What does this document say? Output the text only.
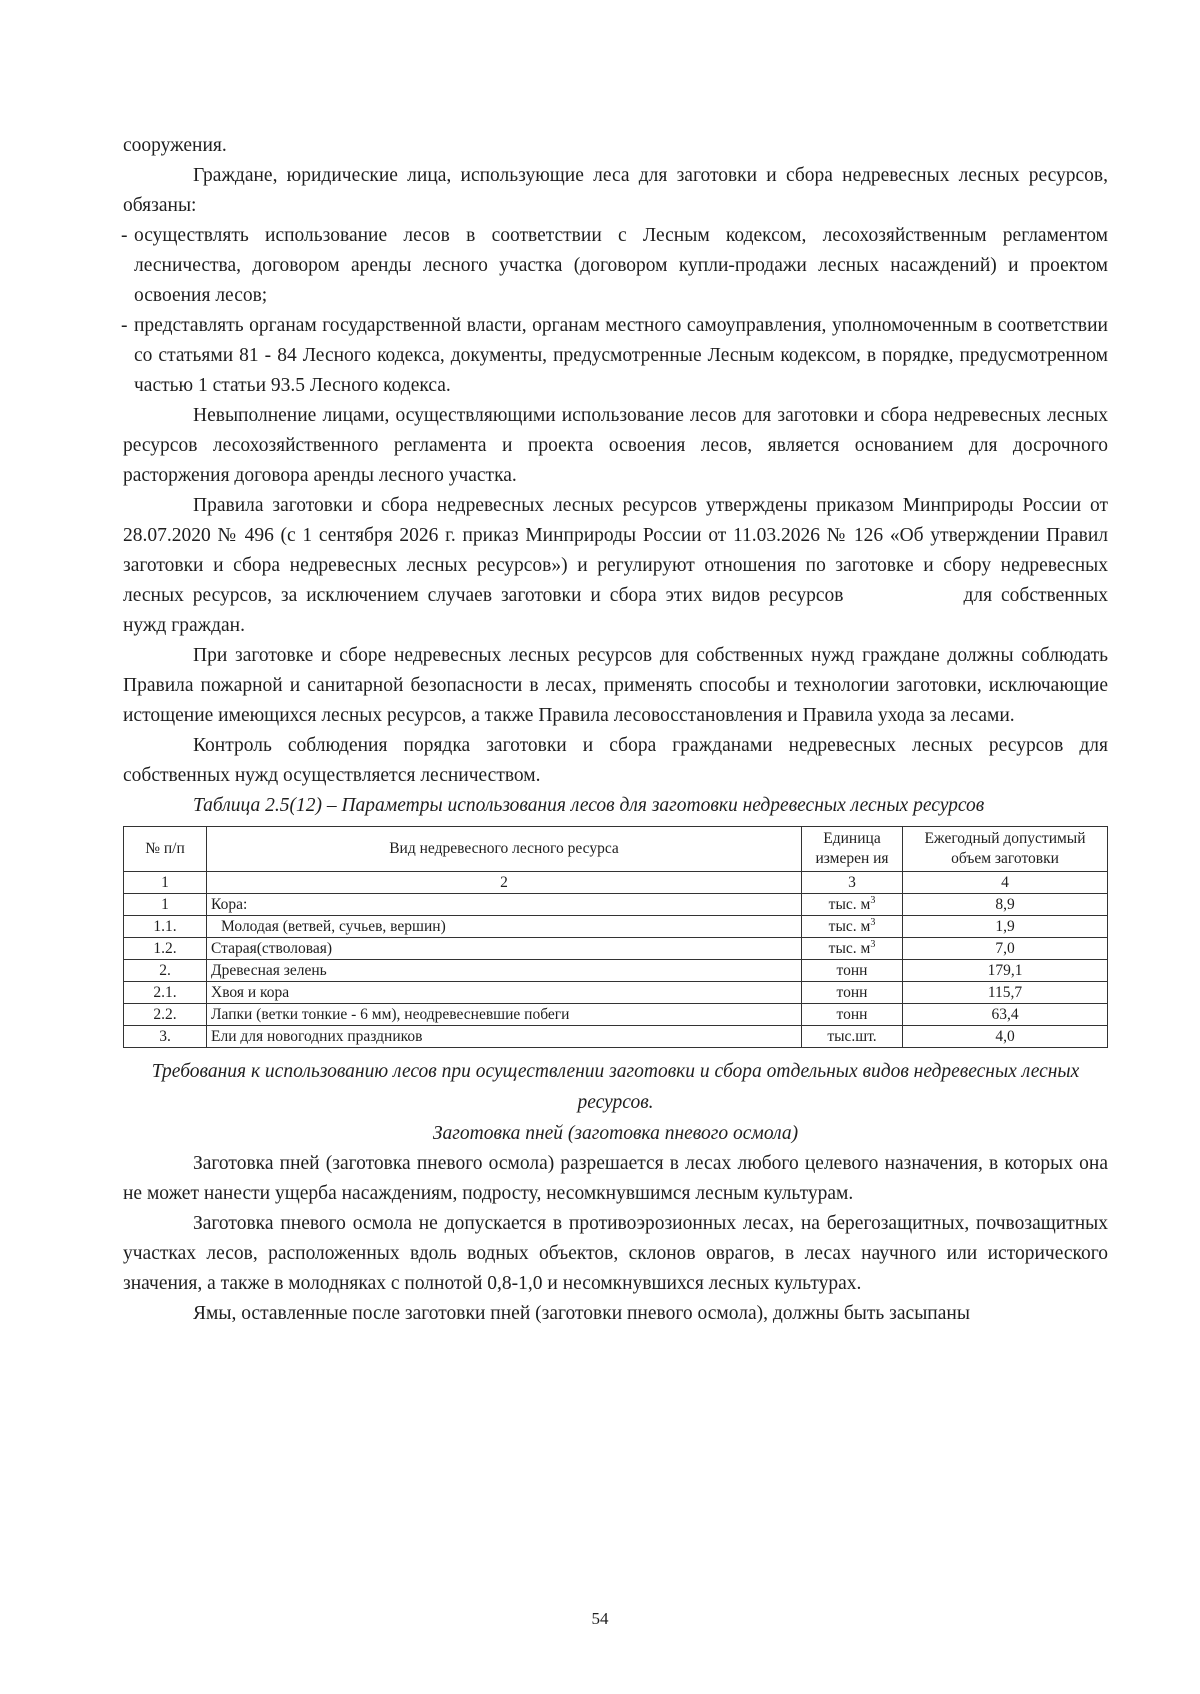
сооружения.

Граждане, юридические лица, использующие леса для заготовки и сбора недревесных лесных ресурсов, обязаны:

- осуществлять использование лесов в соответствии с Лесным кодексом, лесохозяйственным регламентом лесничества, договором аренды лесного участка (договором купли-продажи лесных насаждений) и проектом освоения лесов;
- представлять органам государственной власти, органам местного самоуправления, уполномоченным в соответствии со статьями 81 - 84 Лесного кодекса, документы, предусмотренные Лесным кодексом, в порядке, предусмотренном частью 1 статьи 93.5 Лесного кодекса.

Невыполнение лицами, осуществляющими использование лесов для заготовки и сбора недревесных лесных ресурсов лесохозяйственного регламента и проекта освоения лесов, является основанием для досрочного расторжения договора аренды лесного участка.

Правила заготовки и сбора недревесных лесных ресурсов утверждены приказом Минприроды России от 28.07.2020 № 496 (с 1 сентября 2026 г. приказ Минприроды России от 11.03.2026 № 126 «Об утверждении Правил заготовки и сбора недревесных лесных ресурсов») и регулируют отношения по заготовке и сбору недревесных лесных ресурсов, за исключением случаев заготовки и сбора этих видов ресурсов	для собственных нужд граждан.

При заготовке и сборе недревесных лесных ресурсов для собственных нужд граждане должны соблюдать Правила пожарной и санитарной безопасности в лесах, применять способы и технологии заготовки, исключающие истощение имеющихся лесных ресурсов, а также Правила лесовосстановления и Правила ухода за лесами.

Контроль соблюдения порядка заготовки и сбора гражданами недревесных лесных ресурсов для собственных нужд осуществляется лесничеством.

Таблица 2.5(12) – Параметры использования лесов для заготовки недревесных лесных ресурсов

№ п/п	Вид недревесного лесного ресурса	Единица измерен ия	Ежегодный допустимый объем заготовки
1	2	3	4
1	Кора:	тыс. $м^3$	8,9
1.1.	Молодая (ветвей, сучьев, вершин)	тыс. $м^3$	1,9
1.2.	Старая(стволовая)	тыс. $м^3$	7,0
2.	Древесная зелень	тонн	179,1
2.1.	Хвоя и кора	тонн	115,7
2.2.	Лапки (ветки тонкие - 6 мм), неодревесневшие побеги	тонн	63,4
3.	Ели для новогодних праздников	тыс.шт.	4,0

Требования к использованию лесов при осуществлении заготовки и сбора отдельных видов недревесных лесных ресурсов.

Заготовка пней (заготовка пневого осмола)

Заготовка пней (заготовка пневого осмола) разрешается в лесах любого целевого назначения, в которых она не может нанести ущерба насаждениям, подросту, несомкнувшимся лесным культурам.

Заготовка пневого осмола не допускается в противоэрозионных лесах, на берегозащитных, почвозащитных участках лесов, расположенных вдоль водных объектов, склонов оврагов, в лесах научного или исторического значения, а также в молодняках с полнотой 0,8-1,0 и несомкнувшихся лесных культурах.

Ямы, оставленные после заготовки пней (заготовки пневого осмола), должны быть засыпаны

54
